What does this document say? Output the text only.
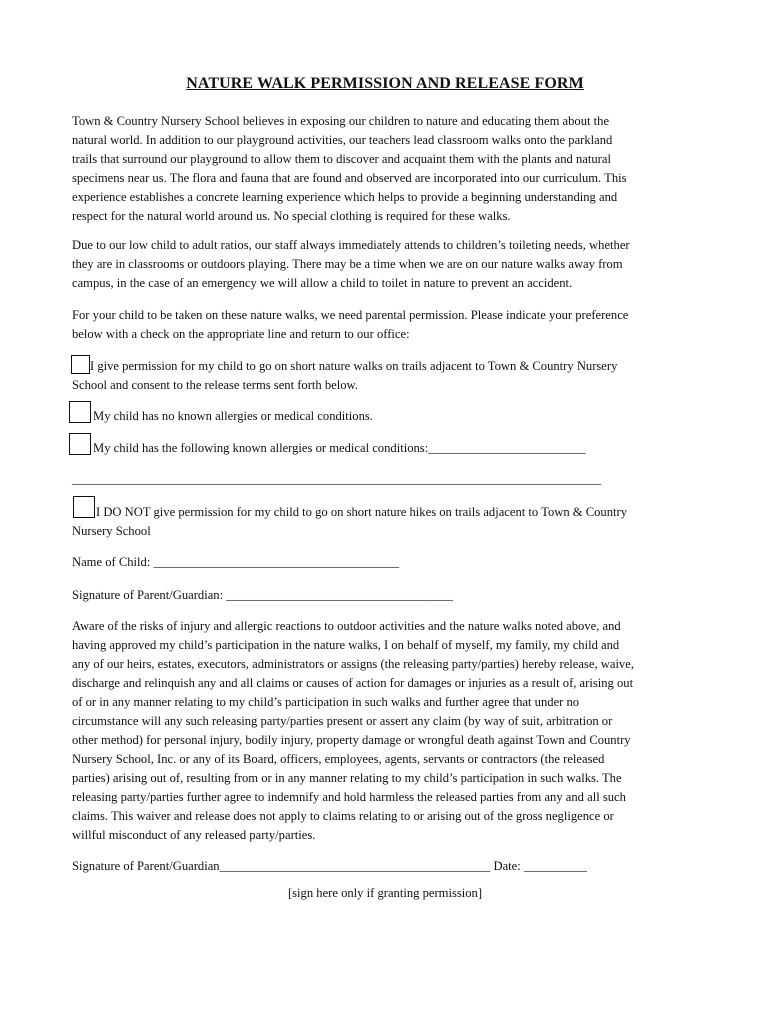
NATURE WALK PERMISSION AND RELEASE FORM

Town & Country Nursery School believes in exposing our children to nature and educating them about the
natural world. In addition to our playground activities, our teachers lead classroom walks onto the parkland
trails that surround our playground to allow them to discover and acquaint them with the plants and natural
specimens near us. The flora and fauna that are found and observed are incorporated into our curriculum. This
experience establishes a concrete learning experience which helps to provide a beginning understanding and
respect for the natural world around us. No special clothing is required for these walks.

Due to our low child to adult ratios, our staff always immediately attends to children’s toileting needs, whether
they are in classrooms or outdoors playing. There may be a time when we are on our nature walks away from
campus, in the case of an emergency we will allow a child to toilet in nature to prevent an accident.

For your child to be taken on these nature walks, we need parental permission. Please indicate your preference
below with a check on the appropriate line and return to our office:

I give permission for my child to go on short nature walks on trails adjacent to Town & Country Nursery
School and consent to the release terms sent forth below.
My child has no known allergies or medical conditions.
My child has the following known allergies or medical conditions:_________________________
____________________________________________________________________________________
I DO NOT give permission for my child to go on short nature hikes on trails adjacent to Town & Country
Nursery School
Name of Child: _______________________________________
Signature of Parent/Guardian: ____________________________________

Aware of the risks of injury and allergic reactions to outdoor activities and the nature walks noted above, and
having approved my child’s participation in the nature walks, I on behalf of myself, my family, my child and
any of our heirs, estates, executors, administrators or assigns (the releasing party/parties) hereby release, waive,
discharge and relinquish any and all claims or causes of action for damages or injuries as a result of, arising out
of or in any manner relating to my child’s participation in such walks and further agree that under no
circumstance will any such releasing party/parties present or assert any claim (by way of suit, arbitration or
other method) for personal injury, bodily injury, property damage or wrongful death against Town and Country
Nursery School, Inc. or any of its Board, officers, employees, agents, servants or contractors (the released
parties) arising out of, resulting from or in any manner relating to my child’s participation in such walks. The
releasing party/parties further agree to indemnify and hold harmless the released parties from any and all such
claims. This waiver and release does not apply to claims relating to or arising out of the gross negligence or
willful misconduct of any released party/parties.

Signature of Parent/Guardian___________________________________________ Date: __________
[sign here only if granting permission]
